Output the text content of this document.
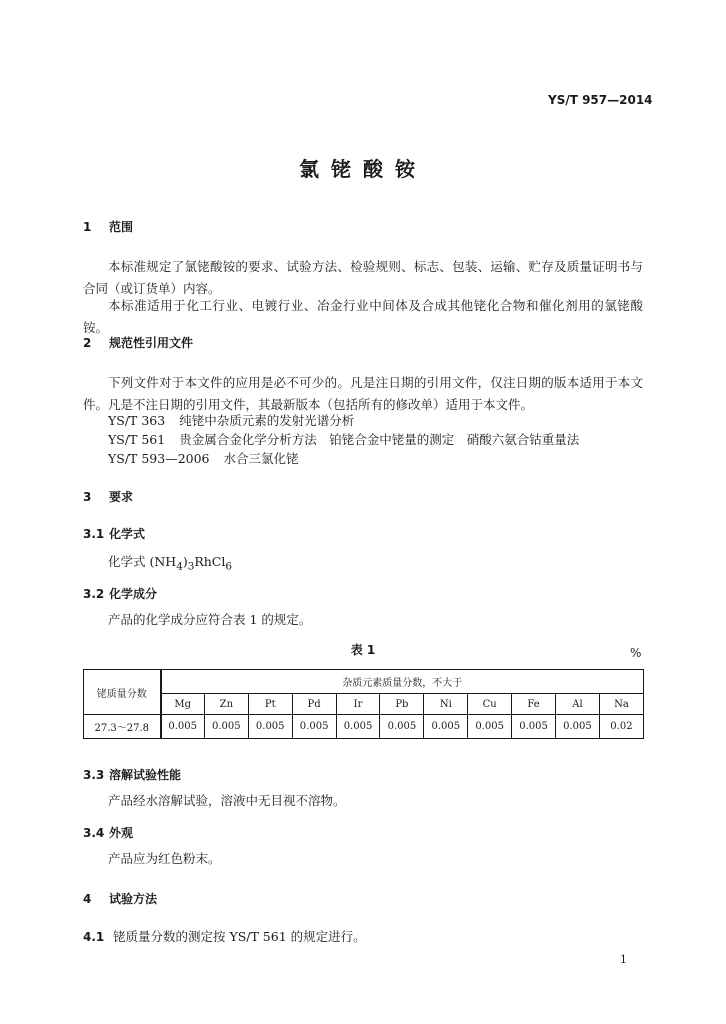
YS/T 957—2014
氯铑酸铵
1 范围
本标准规定了氯铑酸铵的要求、试验方法、检验规则、标志、包装、运输、贮存及质量证明书与合同（或订货单）内容。
本标准适用于化工行业、电镀行业、冶金行业中间体及合成其他铑化合物和催化剂用的氯铑酸铵。
2 规范性引用文件
下列文件对于本文件的应用是必不可少的。凡是注日期的引用文件，仅注日期的版本适用于本文件。凡是不注日期的引用文件，其最新版本（包括所有的修改单）适用于本文件。
YS/T 363 纯铑中杂质元素的发射光谱分析
YS/T 561 贵金属合金化学分析方法　铂铑合金中铑量的测定　硝酸六氨合钴重量法
YS/T 593—2006 水合三氯化铑
3 要求
3.1 化学式
化学式 $(NH_4)_3RhCl_6$
3.2 化学成分
产品的化学成分应符合表 1 的规定。
表 1	%
铑质量分数	杂质元素质量分数，不大于										
	Mg	Zn	Pt	Pd	Ir	Pb	Ni	Cu	Fe	Al	Na
27.3～27.8	0.005	0.005	0.005	0.005	0.005	0.005	0.005	0.005	0.005	0.005	0.02
3.3 溶解试验性能
产品经水溶解试验，溶液中无目视不溶物。
3.4 外观
产品应为红色粉末。
4 试验方法
4.1 铑质量分数的测定按 YS/T 561 的规定进行。
1
